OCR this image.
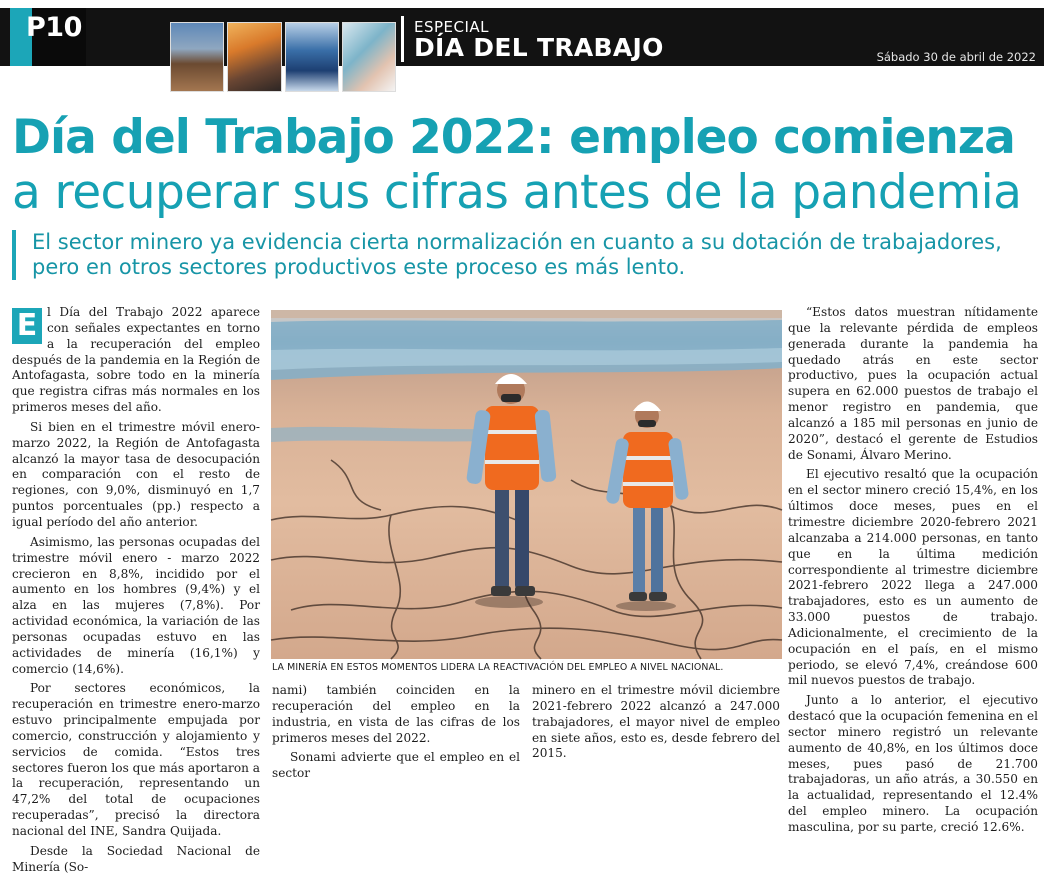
P10	ESPECIAL
DÍA DEL TRABAJO	Sábado 30 de abril de 2022
Día del Trabajo 2022: empleo comienza
a recuperar sus cifras antes de la pandemia
El sector minero ya evidencia cierta normalización en cuanto a su dotación de trabajadores, pero en otros sectores productivos este proceso es más lento.

E l Día del Trabajo 2022 aparece con señales expectantes en torno a la recuperación del empleo después de la pandemia en la Región de Antofagasta, sobre todo en la minería que registra cifras más normales en los primeros meses del año.

Si bien en el trimestre móvil enero-marzo 2022, la Región de Antofagasta alcanzó la mayor tasa de desocupación en comparación con el resto de regiones, con 9,0%, disminuyó en 1,7 puntos porcentuales (pp.) respecto a igual período del año anterior.

Asimismo, las personas ocupadas del trimestre móvil enero - marzo 2022 crecieron en 8,8%, incidido por el aumento en los hombres (9,4%) y el alza en las mujeres (7,8%). Por actividad económica, la variación de las personas ocupadas estuvo en las actividades de minería (16,1%) y comercio (14,6%).

Por sectores económicos, la recuperación en trimestre enero-marzo estuvo principalmente empujada por comercio, construcción y alojamiento y servicios de comida. “Estos tres sectores fueron los que más aportaron a la recuperación, representando un 47,2% del total de ocupaciones recuperadas”, precisó la directora nacional del INE, Sandra Quijada.

Desde la Sociedad Nacional de Minería (So-

LA MINERÍA EN ESTOS MOMENTOS LIDERA LA REACTIVACIÓN DEL EMPLEO A NIVEL NACIONAL.

nami) también coinciden en la recuperación del empleo en la industria, en vista de las cifras de los primeros meses del 2022.

Sonami advierte que el empleo en el sector

minero en el trimestre móvil diciembre 2021-febrero 2022 alcanzó a 247.000 trabajadores, el mayor nivel de empleo en siete años, esto es, desde febrero del 2015.

“Estos datos muestran nítidamente que la relevante pérdida de empleos generada durante la pandemia ha quedado atrás en este sector productivo, pues la ocupación actual supera en 62.000 puestos de trabajo el menor registro en pandemia, que alcanzó a 185 mil personas en junio de 2020”, destacó el gerente de Estudios de Sonami, Álvaro Merino.

El ejecutivo resaltó que la ocupación en el sector minero creció 15,4%, en los últimos doce meses, pues en el trimestre diciembre 2020-febrero 2021 alcanzaba a 214.000 personas, en tanto que en la última medición correspondiente al trimestre diciembre 2021-febrero 2022 llega a 247.000 trabajadores, esto es un aumento de 33.000 puestos de trabajo. Adicionalmente, el crecimiento de la ocupación en el país, en el mismo periodo, se elevó 7,4%, creándose 600 mil nuevos puestos de trabajo.

Junto a lo anterior, el ejecutivo destacó que la ocupación femenina en el sector minero registró un relevante aumento de 40,8%, en los últimos doce meses, pues pasó de 21.700 trabajadoras, un año atrás, a 30.550 en la actualidad, representando el 12.4% del empleo minero. La ocupación masculina, por su parte, creció 12.6%.
